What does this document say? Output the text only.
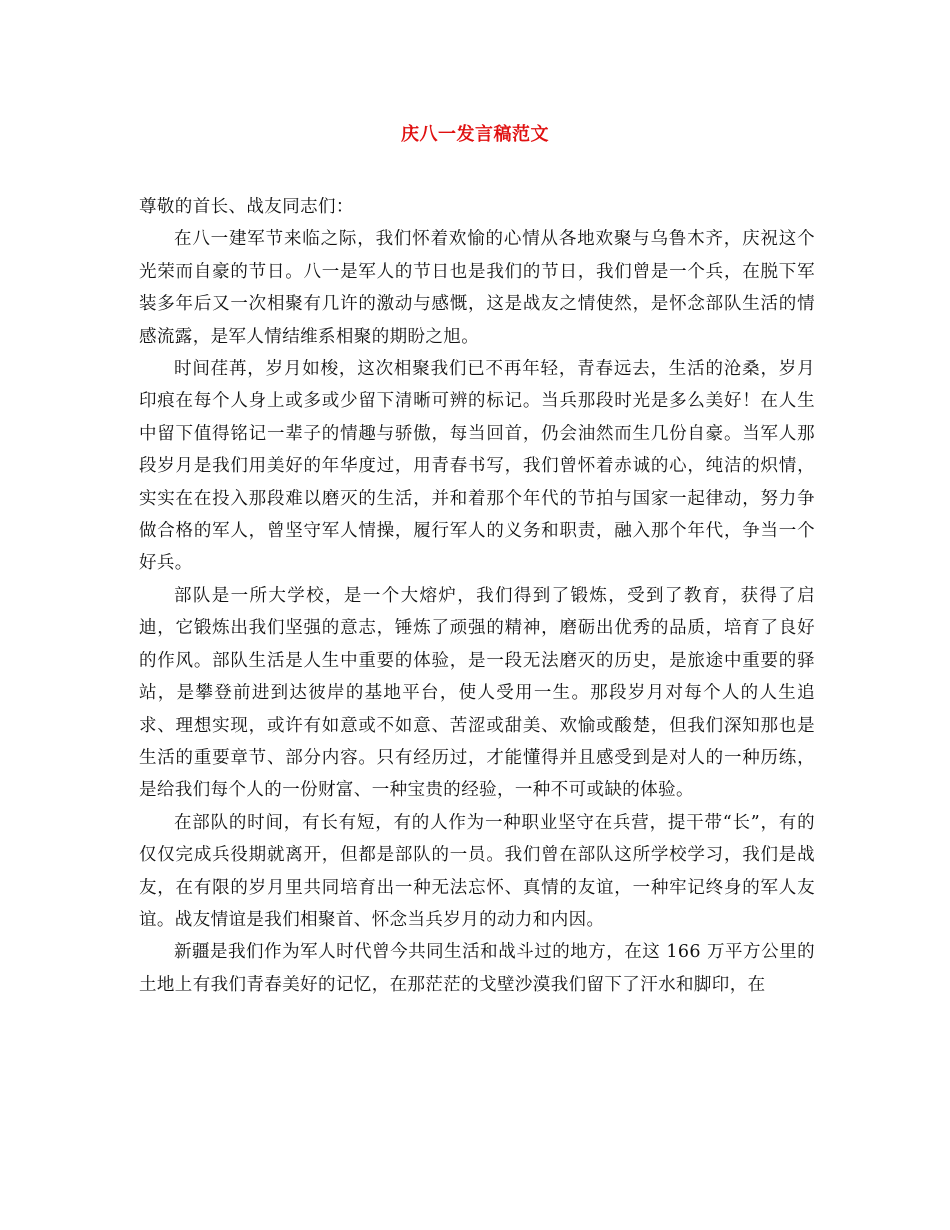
庆八一发言稿范文

尊敬的首长、战友同志们：

在八一建军节来临之际，我们怀着欢愉的心情从各地欢聚与乌鲁木齐，庆祝这个光荣而自豪的节日。八一是军人的节日也是我们的节日，我们曾是一个兵，在脱下军装多年后又一次相聚有几许的激动与感慨，这是战友之情使然，是怀念部队生活的情感流露，是军人情结维系相聚的期盼之旭。

时间荏苒，岁月如梭，这次相聚我们已不再年轻，青春远去，生活的沧桑，岁月印痕在每个人身上或多或少留下清晰可辨的标记。当兵那段时光是多么美好！在人生中留下值得铭记一辈子的情趣与骄傲，每当回首，仍会油然而生几份自豪。当军人那段岁月是我们用美好的年华度过，用青春书写，我们曾怀着赤诚的心，纯洁的炽情，实实在在投入那段难以磨灭的生活，并和着那个年代的节拍与国家一起律动，努力争做合格的军人，曾坚守军人情操，履行军人的义务和职责，融入那个年代，争当一个好兵。

部队是一所大学校，是一个大熔炉，我们得到了锻炼，受到了教育，获得了启迪，它锻炼出我们坚强的意志，锤炼了顽强的精神，磨砺出优秀的品质，培育了良好的作风。部队生活是人生中重要的体验，是一段无法磨灭的历史，是旅途中重要的驿站，是攀登前进到达彼岸的基地平台，使人受用一生。那段岁月对每个人的人生追求、理想实现，或许有如意或不如意、苦涩或甜美、欢愉或酸楚，但我们深知那也是生活的重要章节、部分内容。只有经历过，才能懂得并且感受到是对人的一种历练，是给我们每个人的一份财富、一种宝贵的经验，一种不可或缺的体验。

在部队的时间，有长有短，有的人作为一种职业坚守在兵营，提干带“长”，有的仅仅完成兵役期就离开，但都是部队的一员。我们曾在部队这所学校学习，我们是战友，在有限的岁月里共同培育出一种无法忘怀、真情的友谊，一种牢记终身的军人友谊。战友情谊是我们相聚首、怀念当兵岁月的动力和内因。

新疆是我们作为军人时代曾今共同生活和战斗过的地方，在这 166 万平方公里的土地上有我们青春美好的记忆，在那茫茫的戈壁沙漠我们留下了汗水和脚印，在
